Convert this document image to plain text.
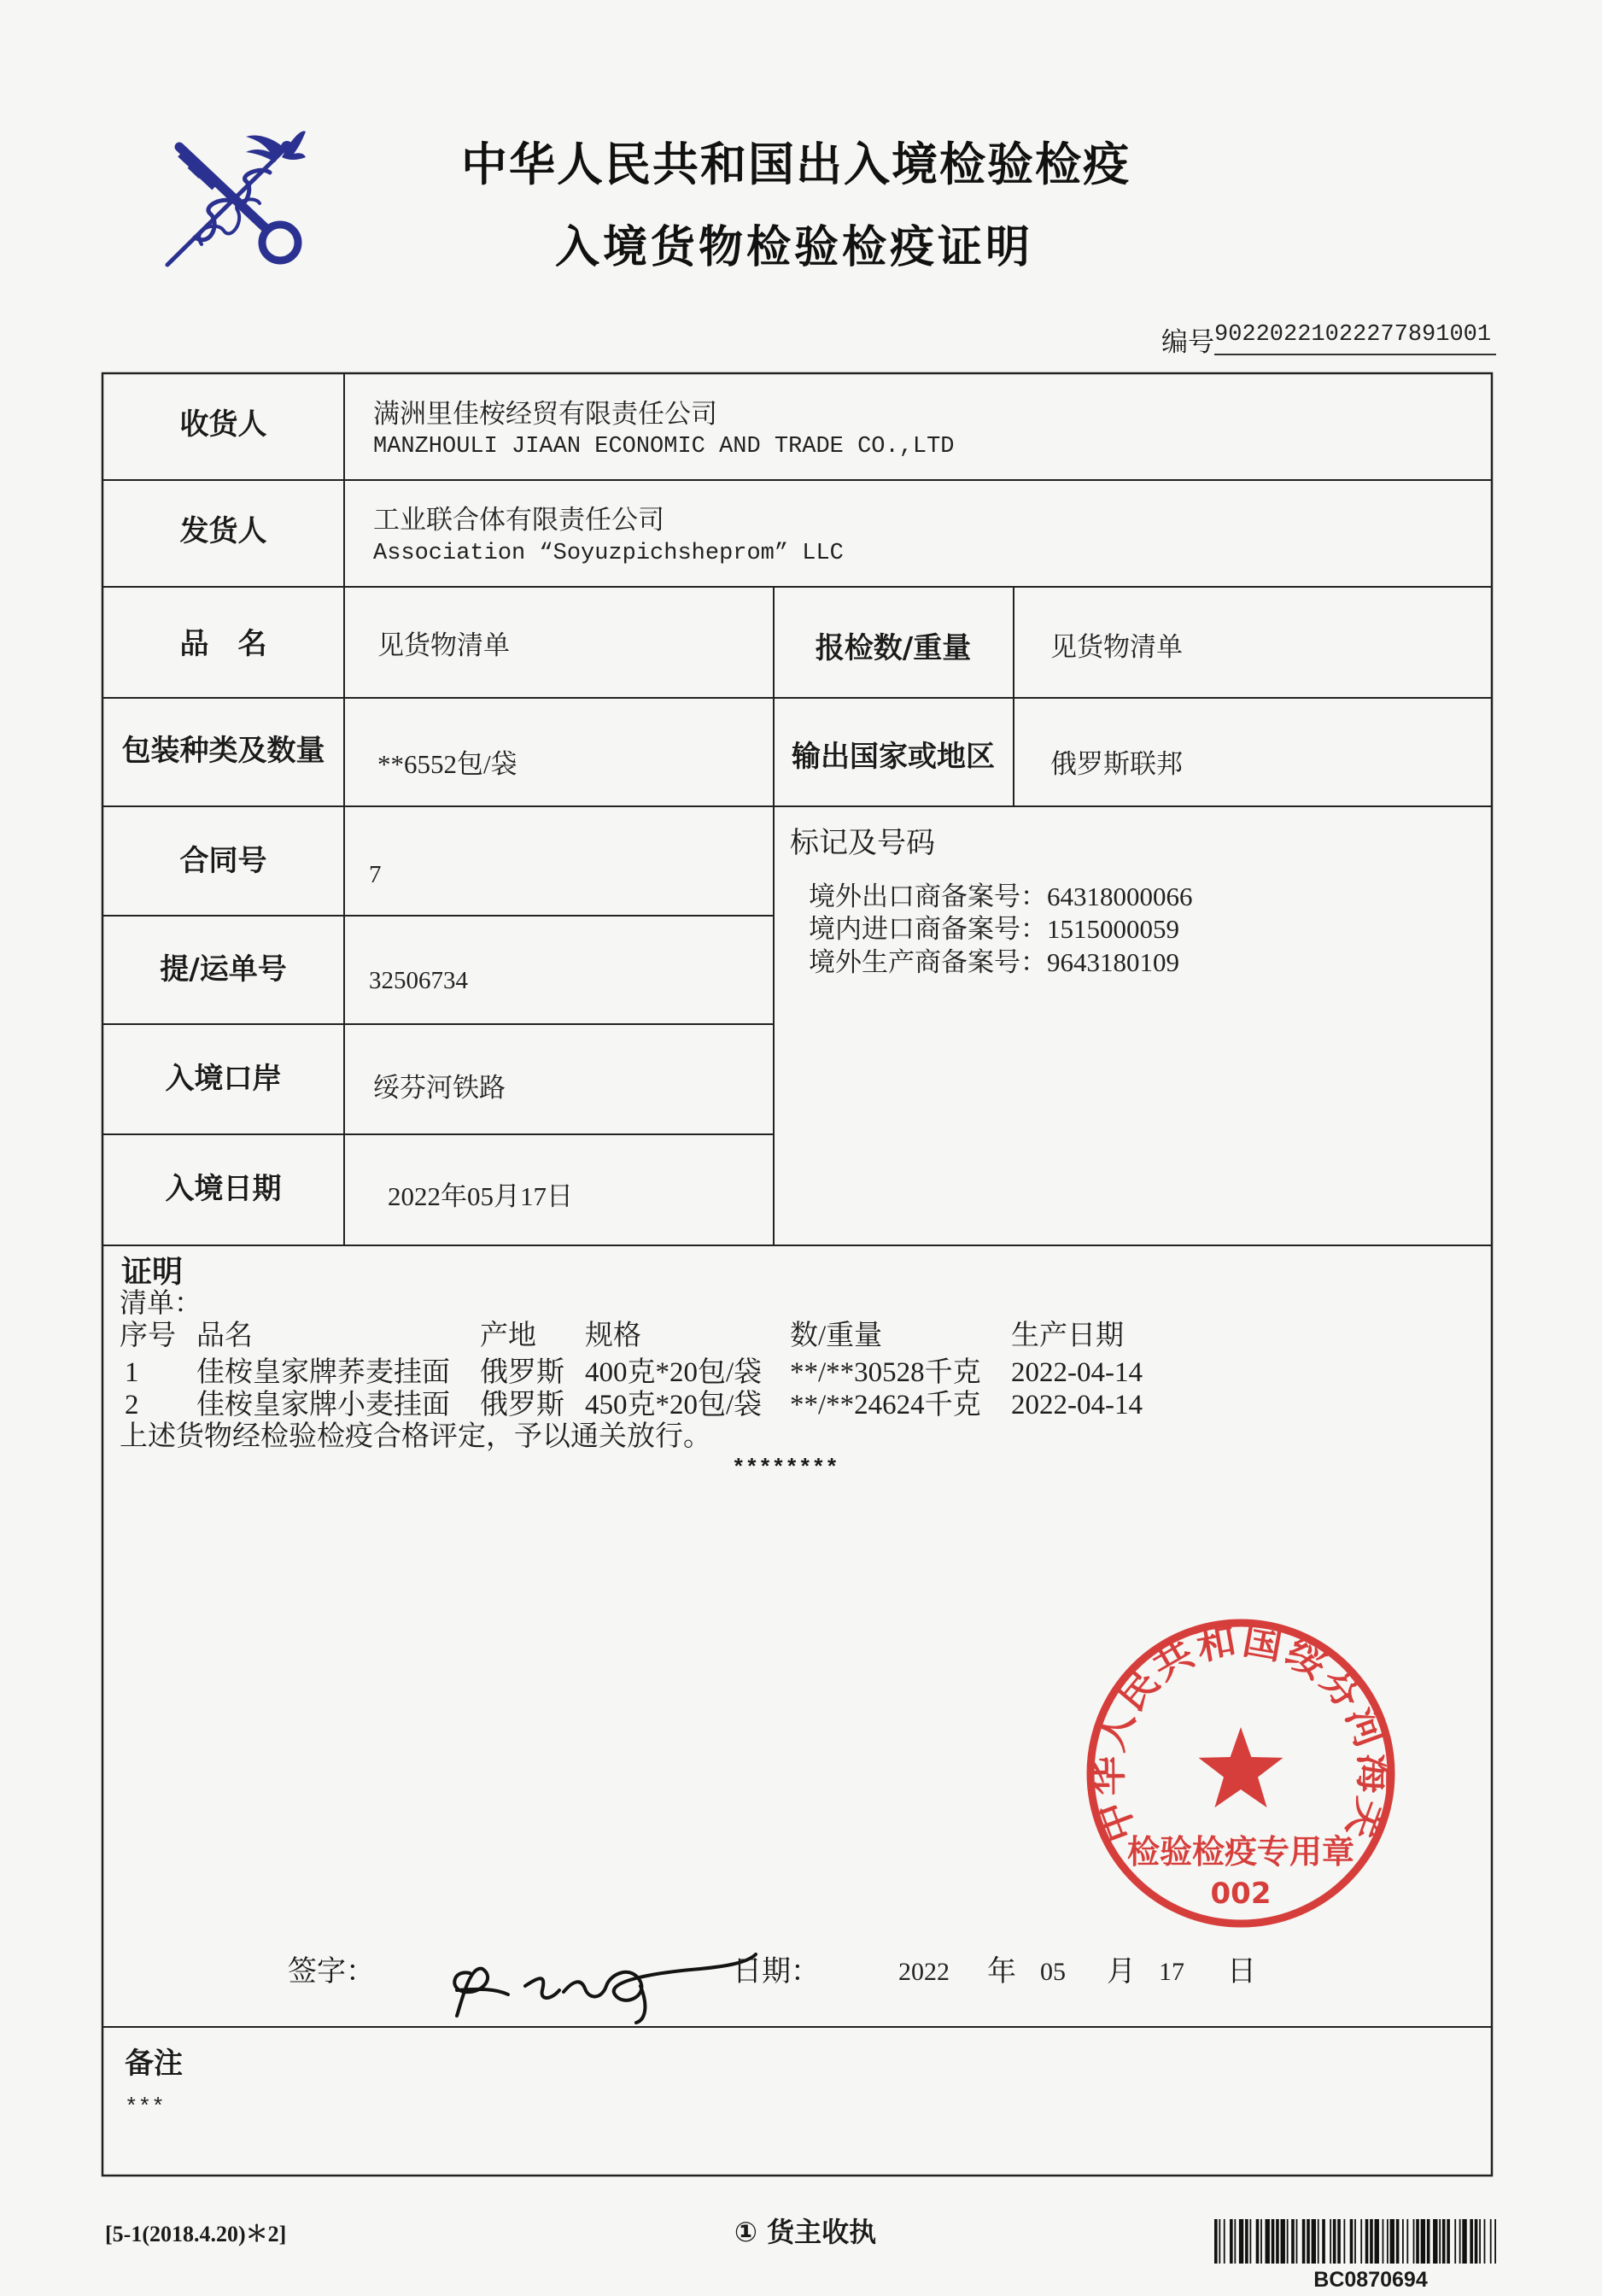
中华人民共和国出入境检验检疫
入境货物检验检疫证明
编号 90220221022277891001
收货人	满洲里佳桉经贸有限责任公司
MANZHOULI JIAAN ECONOMIC AND TRADE CO.,LTD
发货人	工业联合体有限责任公司
Association “Soyuzpichsheprom” LLC
品　名	见货物清单	报检数/重量	见货物清单
包装种类及数量	**6552包/袋	输出国家或地区	俄罗斯联邦
合同号	7
标记及号码
境外出口商备案号：64318000066
境内进口商备案号：1515000059
境外生产商备案号：9643180109
提/运单号	32506734
入境口岸	绥芬河铁路
入境日期	2022年05月17日
证明
清单：
序号 品名	产地 规格	数/重量	生产日期
1 佳桉皇家牌荞麦挂面 俄罗斯 400克*20包/袋 **/**30528千克 2022-04-14
2 佳桉皇家牌小麦挂面 俄罗斯 450克*20包/袋 **/**24624千克 2022-04-14
上述货物经检验检疫合格评定，予以通关放行。
********
中华人民共和国绥芬河海关
检验检疫专用章
002
签字：	日期：	2022 年 05 月 17 日
备注
***
[5-1(2018.4.20)＊2]	① 货主收执
BC0870694
